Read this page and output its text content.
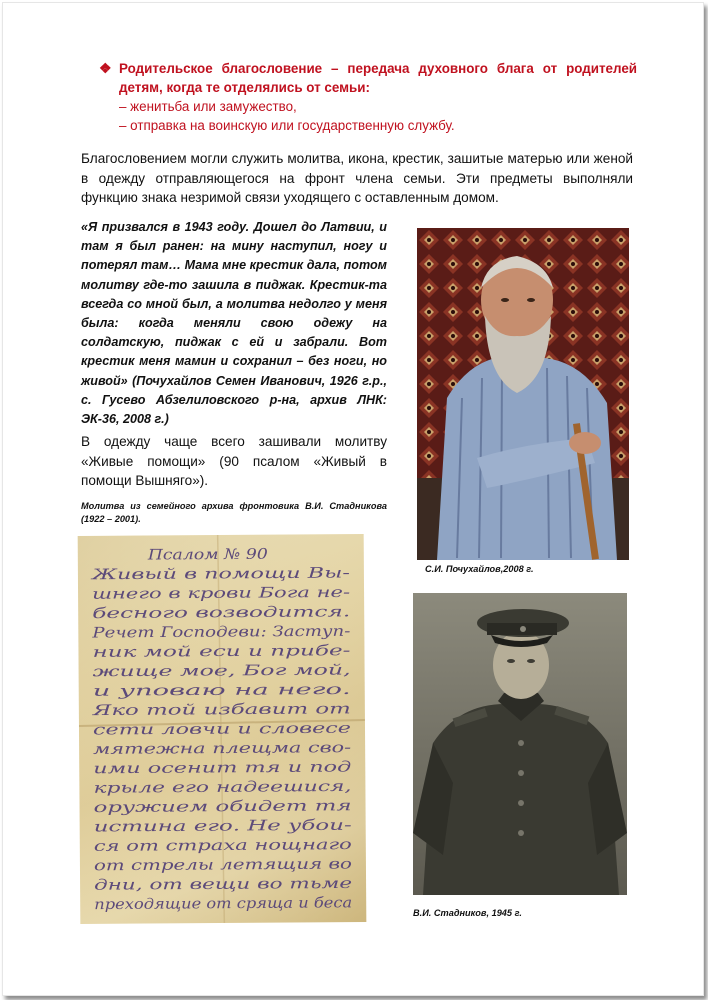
❖ Родительское благословение – передача духовного блага от родителей детям, когда те отделялись от семьи:
– женитьба или замужество,
– отправка на воинскую или государственную службу.
Благословением могли служить молитва, икона, крестик, зашитые матерью или женой в одежду отправляющегося на фронт члена семьи. Эти предметы выполняли функцию знака незримой связи уходящего с оставленным домом.
«Я призвался в 1943 году. Дошел до Латвии, и там я был ранен: на мину наступил, ногу и потерял там… Мама мне крестик дала, потом молитву где-то зашила в пиджак. Крестик-та всегда со мной был, а молитва недолго у меня была: когда меняли свою одежу на солдатскую, пиджак с ей и забрали. Вот крестик меня мамин и сохранил – без ноги, но живой» (Почухайлов Семен Иванович, 1926 г.р., с. Гусево Абзелиловского р-на, архив ЛНК: ЭК-36, 2008 г.)
В одежду чаще всего зашивали молитву «Живые помощи» (90 псалом «Живый в помощи Вышняго»).
Молитва из семейного архива фронтовика В.И. Стадникова (1922 – 2001).
Псалом № 90
Живый в помощи Вы-
шнего в крови Бога не-
бесного возводится.
Речет Господеви: Заступ-
ник мой еси и прибе-
жище мое, Бог мой,
и уповаю на него.
Яко той избавит от
сети ловчи и словесе
мятежна плещма сво-
ими осенит тя и под
крыле его надеешися,
оружием обидет тя
истина его. Не убои-
ся от страха нощнаго
от стрелы летящия во
дни, от вещи во тьме
преходящие от сряща и беса
С.И. Почухайлов,2008 г.
В.И. Стадников, 1945 г.
